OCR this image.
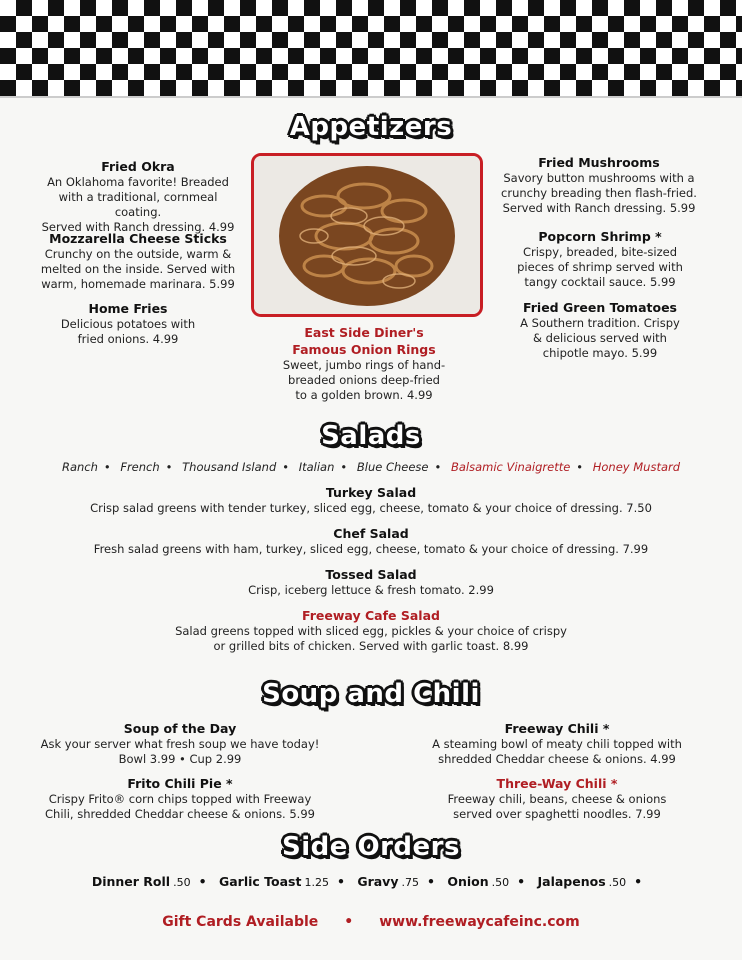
Appetizers
Fried Okra
An Oklahoma favorite! Breaded
with a traditional, cornmeal coating.
Served with Ranch dressing. 4.99
Mozzarella Cheese Sticks
Crunchy on the outside, warm &
melted on the inside. Served with
warm, homemade marinara. 5.99
Home Fries
Delicious potatoes with
fried onions. 4.99	East Side Diner's
Famous Onion Rings
Sweet, jumbo rings of hand-
breaded onions deep-fried
to a golden brown. 4.99
Fried Mushrooms
Savory button mushrooms with a
crunchy breading then flash-fried.
Served with Ranch dressing. 5.99
Popcorn Shrimp *
Crispy, breaded, bite-sized
pieces of shrimp served with
tangy cocktail sauce. 5.99
Fried Green Tomatoes
A Southern tradition. Crispy
& delicious served with
chipotle mayo. 5.99
Salads
Ranch • French • Thousand Island • Italian • Blue Cheese • Balsamic Vinaigrette • Honey Mustard
Turkey Salad
Crisp salad greens with tender turkey, sliced egg, cheese, tomato & your choice of dressing. 7.50
Chef Salad
Fresh salad greens with ham, turkey, sliced egg, cheese, tomato & your choice of dressing. 7.99
Tossed Salad
Crisp, iceberg lettuce & fresh tomato. 2.99
Freeway Cafe Salad
Salad greens topped with sliced egg, pickles & your choice of crispy
or grilled bits of chicken. Served with garlic toast. 8.99
Soup and Chili
Soup of the Day
Ask your server what fresh soup we have today!
Bowl 3.99 • Cup 2.99
Frito Chili Pie *
Crispy Frito® corn chips topped with Freeway
Chili, shredded Cheddar cheese & onions. 5.99
Freeway Chili *
A steaming bowl of meaty chili topped with
shredded Cheddar cheese & onions. 4.99
Three-Way Chili *
Freeway chili, beans, cheese & onions
served over spaghetti noodles. 7.99
Side Orders
Dinner Roll .50 • Garlic Toast 1.25 • Gravy .75 • Onion .50 • Jalapenos .50 •
Gift Cards Available • www.freewaycafeinc.com
